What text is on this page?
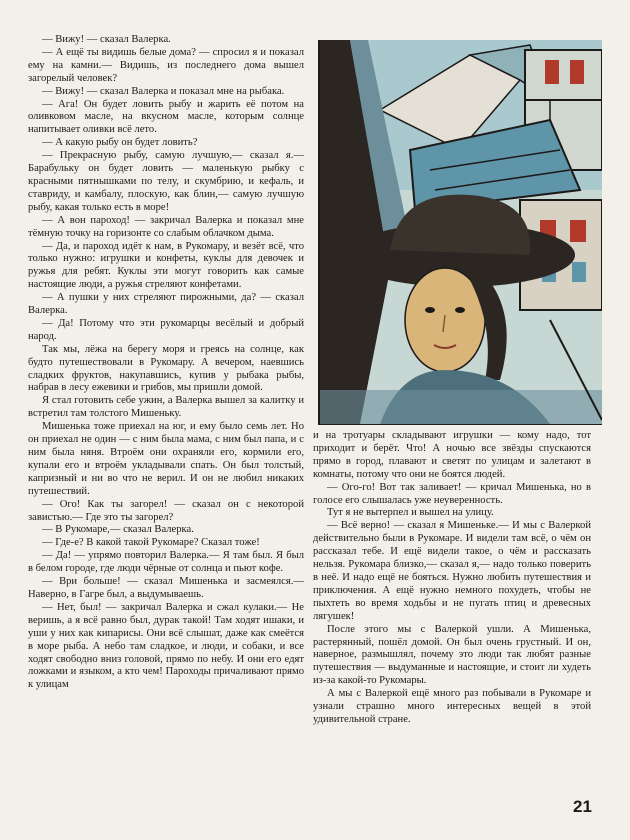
— Вижу! — сказал Валерка.

— А ещё ты видишь белые дома? — спросил я и показал ему на камни.— Видишь, из последнего дома вышел загорелый человек?

— Вижу! — сказал Валерка и показал мне на рыбака.

— Ага! Он будет ловить рыбу и жарить её потом на оливковом масле, на вкусном масле, которым солнце напитывает оливки всё лето.

— А какую рыбу он будет ловить?

— Прекрасную рыбу, самую лучшую,— сказал я.— Барабульку он будет ловить — маленькую рыбку с красными пятнышками по телу, и скумбрию, и кефаль, и ставриду, и камбалу, плоскую, как блин,— самую лучшую рыбу, какая только есть в море!

— А вон пароход! — закричал Валерка и показал мне тёмную точку на горизонте со слабым облачком дыма.

— Да, и пароход идёт к нам, в Рукомару, и везёт всё, что только нужно: игрушки и конфеты, куклы для девочек и ружья для ребят. Куклы эти могут говорить как самые настоящие люди, а ружья стреляют конфетами.

— А пушки у них стреляют пирожными, да? — сказал Валерка.

— Да! Потому что эти рукомарцы весёлый и добрый народ.

Так мы, лёжа на берегу моря и греясь на солнце, как будто путешествовали в Рукомару. А вечером, наевшись сладких фруктов, накупавшись, купив у рыбака рыбы, набрав в лесу ежевики и грибов, мы пришли домой.

Я стал готовить себе ужин, а Валерка вышел за калитку и встретил там толстого Мишеньку.

Мишенька тоже приехал на юг, и ему было семь лет. Но он приехал не один — с ним была мама, с ним был папа, и с ним была няня. Втроём они охраняли его, кормили его, купали его и втроём укладывали спать. Он был толстый, капризный и ни во что не верил. И он не любил никаких путешествий.

— Ого! Как ты загорел! — сказал он с некоторой завистью.— Где это ты загорел?

— В Рукомаре,— сказал Валерка.

— Где-е? В какой такой Рукомаре? Сказал тоже!

— Да! — упрямо повторил Валерка.— Я там был. Я был в белом городе, где люди чёрные от солнца и пьют кофе.

— Ври больше! — сказал Мишенька и засмеялся.— Наверно, в Гагре был, а выдумываешь.

— Нет, был! — закричал Валерка и сжал кулаки.— Не веришь, а я всё равно был, дурак такой! Там ходят ишаки, и уши у них как кипарисы. Они всё слышат, даже как смеётся в море рыба. А небо там сладкое, и люди, и собаки, и все ходят свободно вниз головой, прямо по небу. И они его едят ложками и языком, а кто чем! Пароходы причаливают прямо к улицам

и на тротуары складывают игрушки — кому надо, тот приходит и берёт. Что! А ночью все звёзды спускаются прямо в город, плавают и светят по улицам и залетают в комнаты, потому что они не боятся людей.

— Ого-го! Вот так заливает! — кричал Мишенька, но в голосе его слышалась уже неуверенность.

Тут я не вытерпел и вышел на улицу.

— Всё верно! — сказал я Мишеньке.— И мы с Валеркой действительно были в Рукомаре. И видели там всё, о чём он рассказал тебе. И ещё видели такое, о чём и рассказать нельзя. Рукомара близко,— сказал я,— надо только поверить в неё. И надо ещё не бояться. Нужно любить путешествия и приключения. А ещё нужно немного похудеть, чтобы не пыхтеть во время ходьбы и не пугать птиц и древесных лягушек!

После этого мы с Валеркой ушли. А Мишенька, растерянный, пошёл домой. Он был очень грустный. И он, наверное, размышлял, почему это люди так любят разные путешествия — выдуманные и настоящие, и стоит ли худеть из-за какой-то Рукомары.

А мы с Валеркой ещё много раз побывали в Рукомаре и узнали страшно много интересных вещей в этой удивительной стране.

21
